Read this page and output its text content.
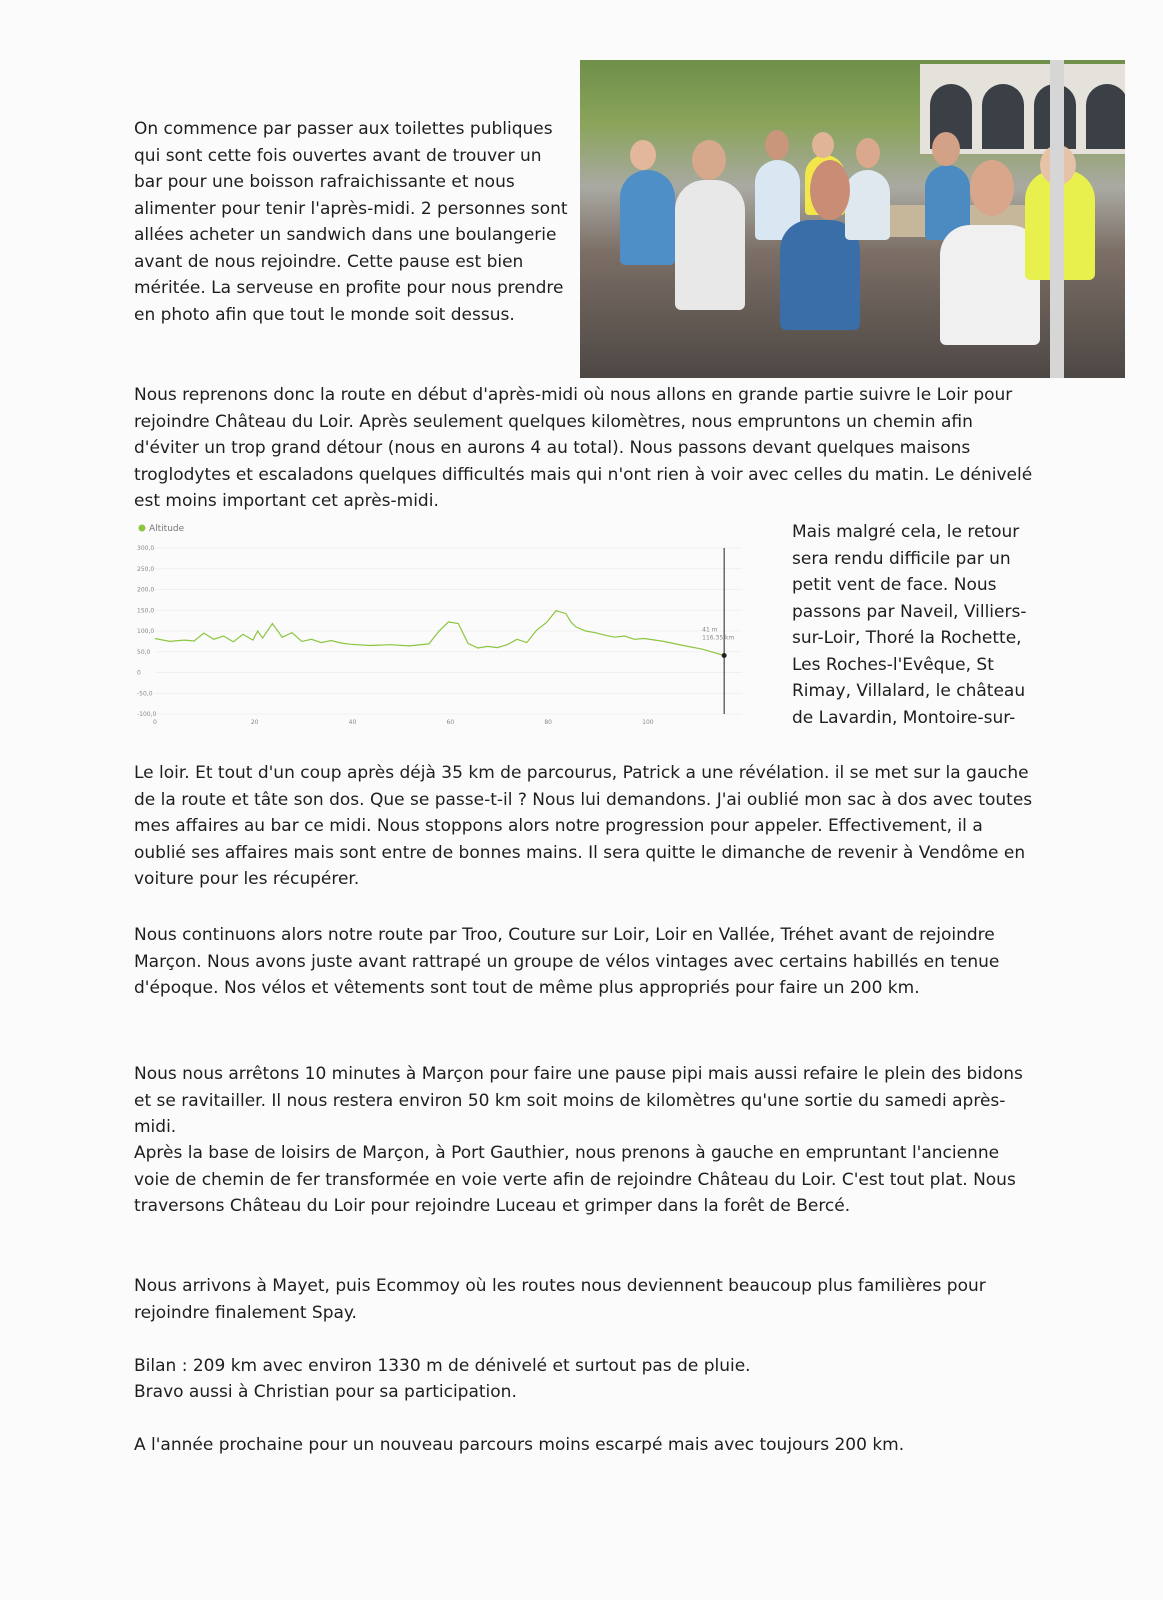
On commence par passer aux toilettes publiques qui sont cette fois ouvertes avant de trouver un bar pour une boisson rafraichissante et nous alimenter pour tenir l'après-midi. 2 personnes sont allées acheter un sandwich dans une boulangerie avant de nous rejoindre. Cette pause est bien méritée. La serveuse en profite pour nous prendre en photo afin que tout le monde soit dessus.

Nous reprenons donc la route en début d'après-midi où nous allons en grande partie suivre le Loir pour rejoindre Château du Loir. Après seulement quelques kilomètres, nous empruntons un chemin afin d'éviter un trop grand détour (nous en aurons 4 au total). Nous passons devant quelques maisons troglodytes et escaladons quelques difficultés mais qui n'ont rien à voir avec celles du matin. Le dénivelé est moins important cet après-midi.

Mais malgré cela, le retour sera rendu difficile par un petit vent de face. Nous passons par Naveil, Villiers-sur-Loir, Thoré la Rochette, Les Roches-l'Evêque, St Rimay, Villalard, le château de Lavardin, Montoire-sur-

Le loir. Et tout d'un coup après déjà 35 km de parcourus, Patrick a une révélation. il se met sur la gauche de la route et tâte son dos. Que se passe-t-il ? Nous lui demandons. J'ai oublié mon sac à dos avec toutes mes affaires au bar ce midi. Nous stoppons alors notre progression pour appeler. Effectivement, il a oublié ses affaires mais sont entre de bonnes mains. Il sera quitte le dimanche de revenir à Vendôme en voiture pour les récupérer.

Nous continuons alors notre route par Troo, Couture sur Loir, Loir en Vallée, Tréhet avant de rejoindre Marçon. Nous avons juste avant rattrapé un groupe de vélos vintages avec certains habillés en tenue d'époque. Nos vélos et vêtements sont tout de même plus appropriés pour faire un 200 km.

Nous nous arrêtons 10 minutes à Marçon pour faire une pause pipi mais aussi refaire le plein des bidons et se ravitailler. Il nous restera environ 50 km soit moins de kilomètres qu'une sortie du samedi après-midi.

Après la base de loisirs de Marçon, à Port Gauthier, nous prenons à gauche en empruntant l'ancienne voie de chemin de fer transformée en voie verte afin de rejoindre Château du Loir. C'est tout plat. Nous traversons Château du Loir pour rejoindre Luceau et grimper dans la forêt de Bercé.

Nous arrivons à Mayet, puis Ecommoy où les routes nous deviennent beaucoup plus familières pour rejoindre finalement Spay.

Bilan : 209 km avec environ 1330 m de dénivelé et surtout pas de pluie.

Bravo aussi à Christian pour sa participation.

A l'année prochaine pour un nouveau parcours moins escarpé mais avec toujours 200 km.

Altitude
300,0
250,0
200,0
150,0
100,0
50,0
0
-50,0
-100,0
0	20	40	60	80	100
41 m
116.35 km
